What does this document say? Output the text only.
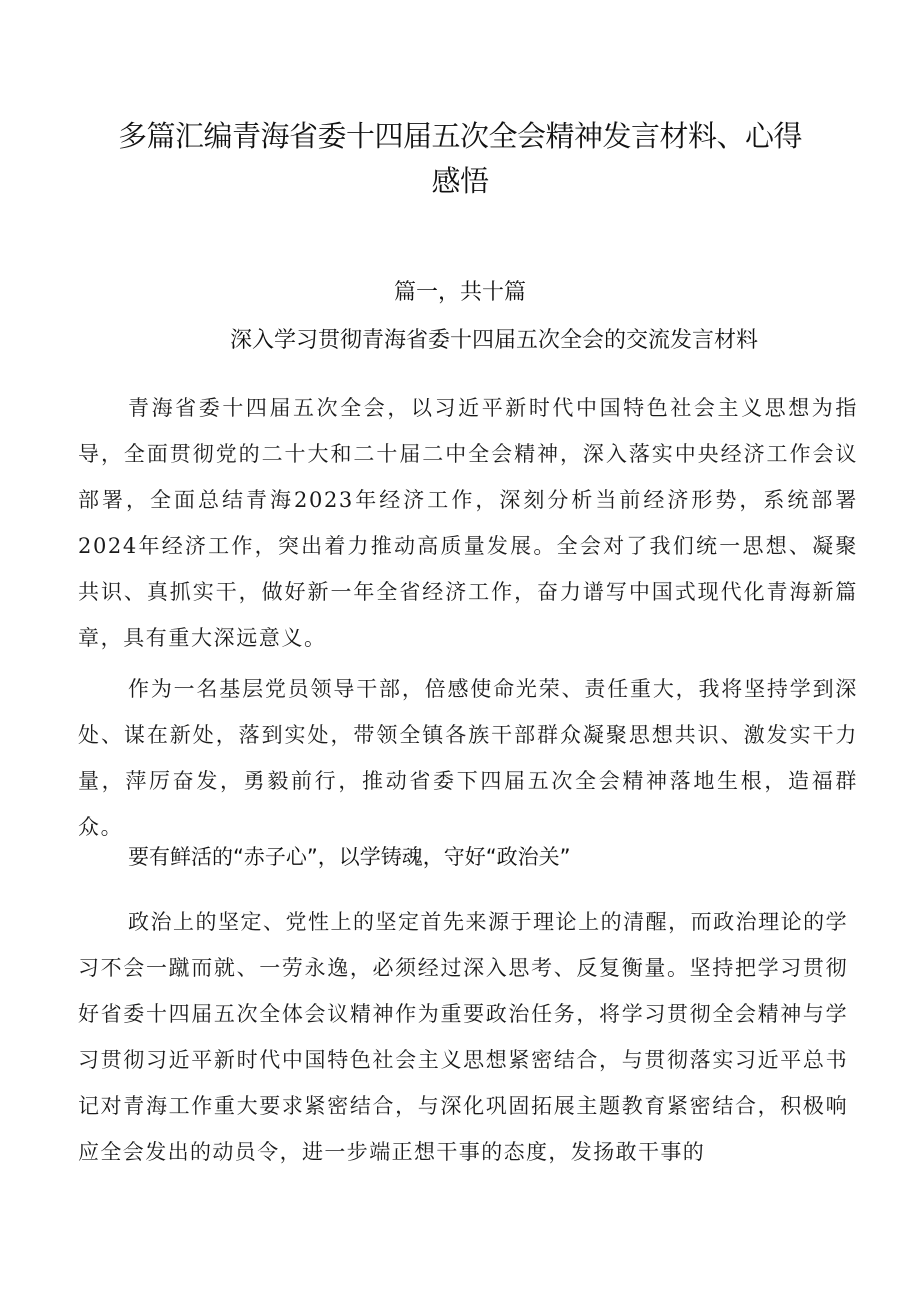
多篇汇编青海省委十四届五次全会精神发言材料、心得感悟
篇一，共十篇
深入学习贯彻青海省委十四届五次全会的交流发言材料

青海省委十四届五次全会，以习近平新时代中国特色社会主义思想为指导，全面贯彻党的二十大和二十届二中全会精神，深入落实中央经济工作会议部署，全面总结青海2023年经济工作，深刻分析当前经济形势，系统部署2024年经济工作，突出着力推动高质量发展。全会对了我们统一思想、凝聚共识、真抓实干，做好新一年全省经济工作，奋力谱写中国式现代化青海新篇章，具有重大深远意义。

作为一名基层党员领导干部，倍感使命光荣、责任重大，我将坚持学到深处、谋在新处，落到实处，带领全镇各族干部群众凝聚思想共识、激发实干力量，萍厉奋发，勇毅前行，推动省委下四届五次全会精神落地生根，造福群众。

要有鲜活的“赤子心”，以学铸魂，守好“政治关”

政治上的坚定、党性上的坚定首先来源于理论上的清醒，而政治理论的学习不会一蹴而就、一劳永逸，必须经过深入思考、反复衡量。坚持把学习贯彻好省委十四届五次全体会议精神作为重要政治任务，将学习贯彻全会精神与学习贯彻习近平新时代中国特色社会主义思想紧密结合，与贯彻落实习近平总书记对青海工作重大要求紧密结合，与深化巩固拓展主题教育紧密结合，积极响应全会发出的动员令，进一步端正想干事的态度，发扬敢干事的
